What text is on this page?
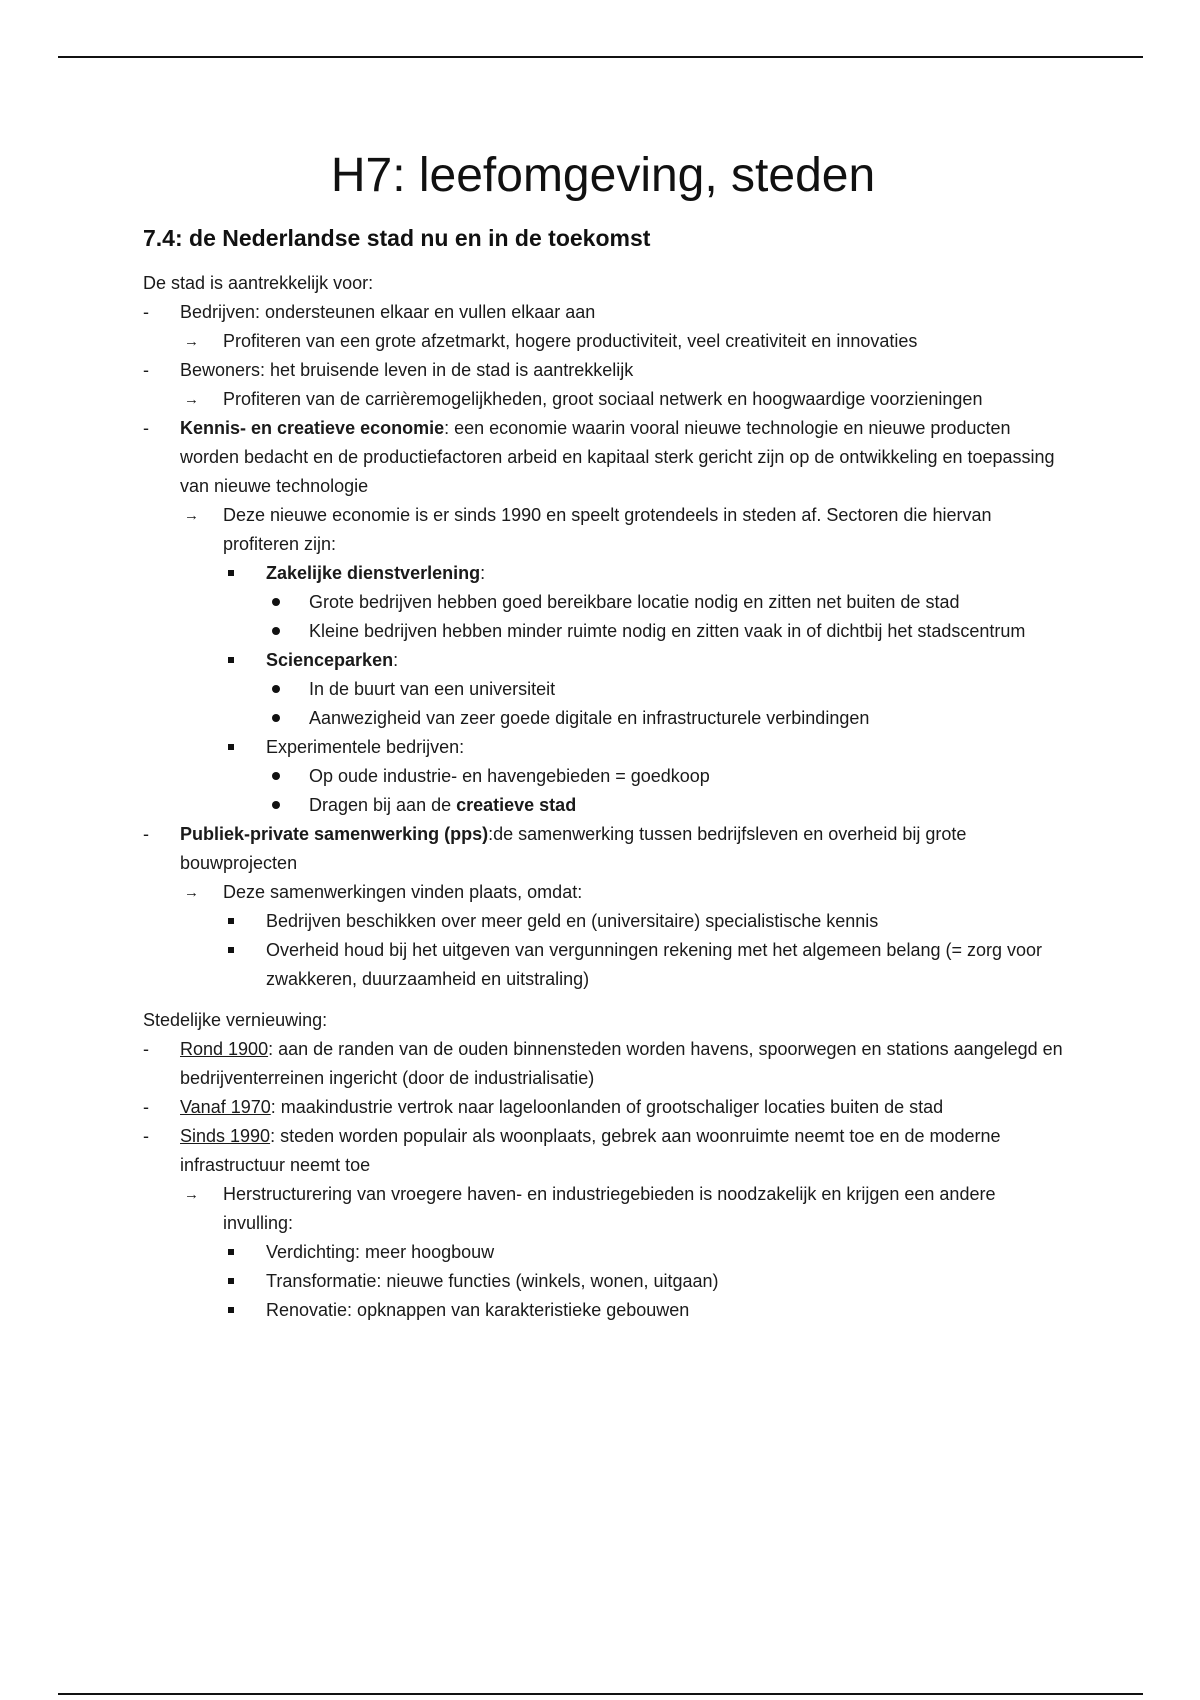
H7: leefomgeving, steden
7.4: de Nederlandse stad nu en in de toekomst

De stad is aantrekkelijk voor:

-	Bedrijven: ondersteunen elkaar en vullen elkaar aan
→	Profiteren van een grote afzetmarkt, hogere productiviteit, veel creativiteit en innovaties
-	Bewoners: het bruisende leven in de stad is aantrekkelijk
→	Profiteren van de carrièremogelijkheden, groot sociaal netwerk en hoogwaardige voorzieningen
-	Kennis- en creatieve economie: een economie waarin vooral nieuwe technologie en nieuwe producten worden bedacht en de productiefactoren arbeid en kapitaal sterk gericht zijn op de ontwikkeling en toepassing van nieuwe technologie
→	Deze nieuwe economie is er sinds 1990 en speelt grotendeels in steden af. Sectoren die hiervan profiteren zijn:
Zakelijke dienstverlening:
Grote bedrijven hebben goed bereikbare locatie nodig en zitten net buiten de stad
Kleine bedrijven hebben minder ruimte nodig en zitten vaak in of dichtbij het stadscentrum
Scienceparken:
In de buurt van een universiteit
Aanwezigheid van zeer goede digitale en infrastructurele verbindingen
Experimentele bedrijven:
Op oude industrie- en havengebieden = goedkoop
Dragen bij aan de creatieve stad
-	Publiek-private samenwerking (pps):de samenwerking tussen bedrijfsleven en overheid bij grote bouwprojecten
→	Deze samenwerkingen vinden plaats, omdat:
Bedrijven beschikken over meer geld en (universitaire) specialistische kennis
Overheid houd bij het uitgeven van vergunningen rekening met het algemeen belang (= zorg voor zwakkeren, duurzaamheid en uitstraling)

Stedelijke vernieuwing:

-	Rond 1900: aan de randen van de ouden binnensteden worden havens, spoorwegen en stations aangelegd en bedrijventerreinen ingericht (door de industrialisatie)
-	Vanaf 1970: maakindustrie vertrok naar lageloonlanden of grootschaliger locaties buiten de stad
-	Sinds 1990: steden worden populair als woonplaats, gebrek aan woonruimte neemt toe en de moderne infrastructuur neemt toe
→	Herstructurering van vroegere haven- en industriegebieden is noodzakelijk en krijgen een andere invulling:
Verdichting: meer hoogbouw
Transformatie: nieuwe functies (winkels, wonen, uitgaan)
Renovatie: opknappen van karakteristieke gebouwen
